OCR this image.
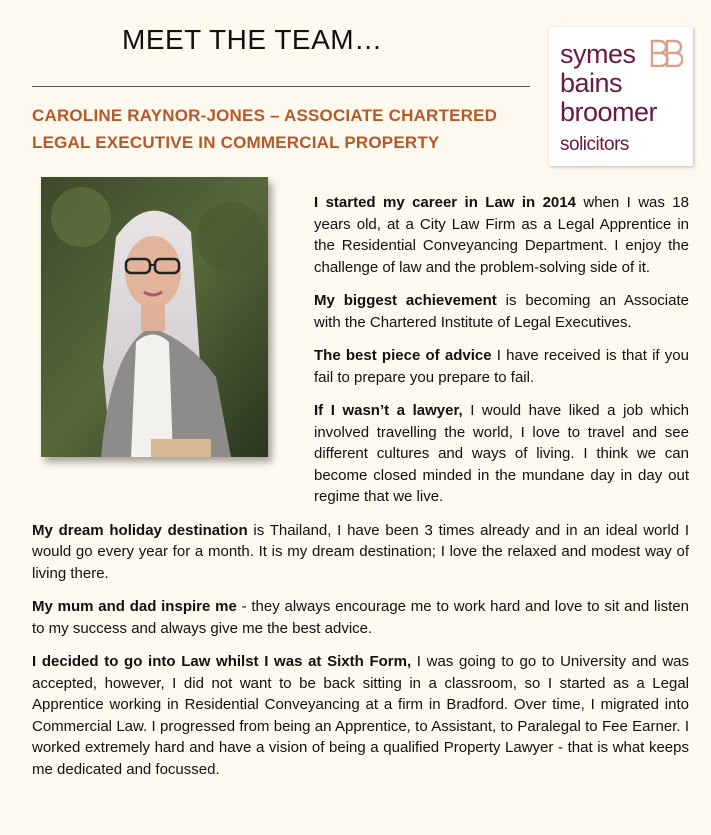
MEET THE TEAM…
CAROLINE RAYNOR-JONES – ASSOCIATE CHARTERED
LEGAL EXECUTIVE IN COMMERCIAL PROPERTY
symes
bains
broomer
solicitors

I started my career in Law in 2014 when I was 18 years old, at a City Law Firm as a Legal Apprentice in the Residential Conveyancing Department. I enjoy the challenge of law and the problem-solving side of it.

My biggest achievement is becoming an Associate with the Chartered Institute of Legal Executives.

The best piece of advice I have received is that if you fail to prepare you prepare to fail.

If I wasn’t a lawyer, I would have liked a job which involved travelling the world, I love to travel and see different cultures and ways of living. I think we can become closed minded in the mundane day in day out regime that we live.

My dream holiday destination is Thailand, I have been 3 times already and in an ideal world I would go every year for a month. It is my dream destination; I love the relaxed and modest way of living there.

My mum and dad inspire me - they always encourage me to work hard and love to sit and listen to my success and always give me the best advice.

I decided to go into Law whilst I was at Sixth Form, I was going to go to University and was accepted, however, I did not want to be back sitting in a classroom, so I started as a Legal Apprentice working in Residential Conveyancing at a firm in Bradford. Over time, I migrated into Commercial Law. I progressed from being an Apprentice, to Assistant, to Paralegal to Fee Earner. I worked extremely hard and have a vision of being a qualified Property Lawyer - that is what keeps me dedicated and focussed.
